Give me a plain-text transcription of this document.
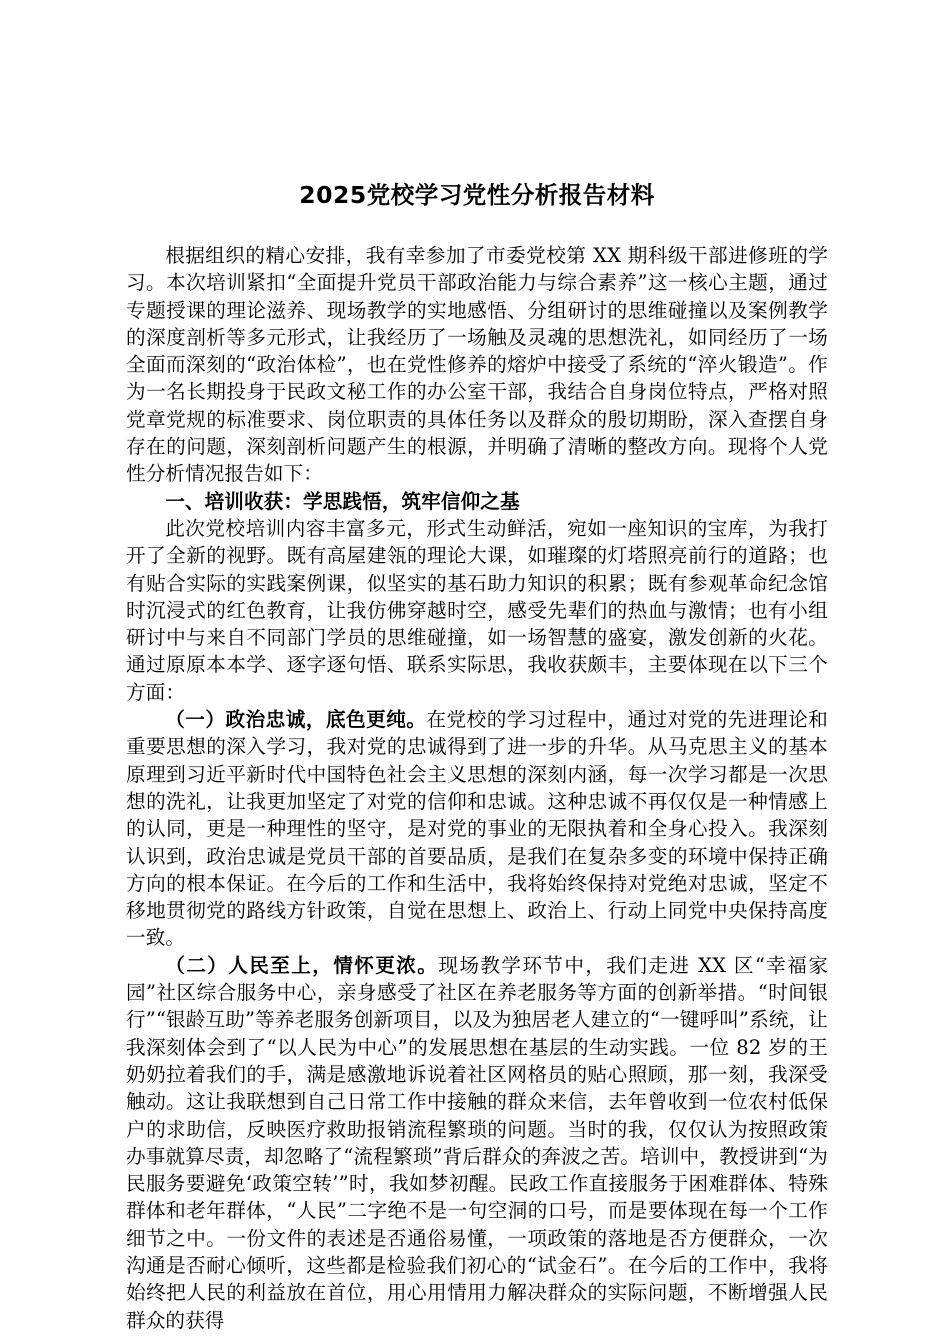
2025党校学习党性分析报告材料

根据组织的精心安排，我有幸参加了市委党校第 XX 期科级干部进修班的学习。本次培训紧扣“全面提升党员干部政治能力与综合素养”这一核心主题，通过专题授课的理论滋养、现场教学的实地感悟、分组研讨的思维碰撞以及案例教学的深度剖析等多元形式，让我经历了一场触及灵魂的思想洗礼，如同经历了一场全面而深刻的“政治体检”，也在党性修养的熔炉中接受了系统的“淬火锻造”。作为一名长期投身于民政文秘工作的办公室干部，我结合自身岗位特点，严格对照党章党规的标准要求、岗位职责的具体任务以及群众的殷切期盼，深入查摆自身存在的问题，深刻剖析问题产生的根源，并明确了清晰的整改方向。现将个人党性分析情况报告如下：

一、培训收获：学思践悟，筑牢信仰之基

此次党校培训内容丰富多元，形式生动鲜活，宛如一座知识的宝库，为我打开了全新的视野。既有高屋建瓴的理论大课，如璀璨的灯塔照亮前行的道路；也有贴合实际的实践案例课，似坚实的基石助力知识的积累；既有参观革命纪念馆时沉浸式的红色教育，让我仿佛穿越时空，感受先辈们的热血与激情；也有小组研讨中与来自不同部门学员的思维碰撞，如一场智慧的盛宴，激发创新的火花。通过原原本本学、逐字逐句悟、联系实际思，我收获颇丰，主要体现在以下三个方面：

（一）政治忠诚，底色更纯。在党校的学习过程中，通过对党的先进理论和重要思想的深入学习，我对党的忠诚得到了进一步的升华。从马克思主义的基本原理到习近平新时代中国特色社会主义思想的深刻内涵，每一次学习都是一次思想的洗礼，让我更加坚定了对党的信仰和忠诚。这种忠诚不再仅仅是一种情感上的认同，更是一种理性的坚守，是对党的事业的无限执着和全身心投入。我深刻认识到，政治忠诚是党员干部的首要品质，是我们在复杂多变的环境中保持正确方向的根本保证。在今后的工作和生活中，我将始终保持对党绝对忠诚，坚定不移地贯彻党的路线方针政策，自觉在思想上、政治上、行动上同党中央保持高度一致。

（二）人民至上，情怀更浓。现场教学环节中，我们走进 XX 区“幸福家园”社区综合服务中心，亲身感受了社区在养老服务等方面的创新举措。“时间银行”“银龄互助”等养老服务创新项目，以及为独居老人建立的“一键呼叫”系统，让我深刻体会到了“以人民为中心”的发展思想在基层的生动实践。一位 82 岁的王奶奶拉着我们的手，满是感激地诉说着社区网格员的贴心照顾，那一刻，我深受触动。这让我联想到自己日常工作中接触的群众来信，去年曾收到一位农村低保户的求助信，反映医疗救助报销流程繁琐的问题。当时的我，仅仅认为按照政策办事就算尽责，却忽略了“流程繁琐”背后群众的奔波之苦。培训中，教授讲到“为民服务要避免‘政策空转’”时，我如梦初醒。民政工作直接服务于困难群体、特殊群体和老年群体，“人民”二字绝不是一句空洞的口号，而是要体现在每一个工作细节之中。一份文件的表述是否通俗易懂，一项政策的落地是否方便群众，一次沟通是否耐心倾听，这些都是检验我们初心的“试金石”。在今后的工作中，我将始终把人民的利益放在首位，用心用情用力解决群众的实际问题，不断增强人民群众的获得
